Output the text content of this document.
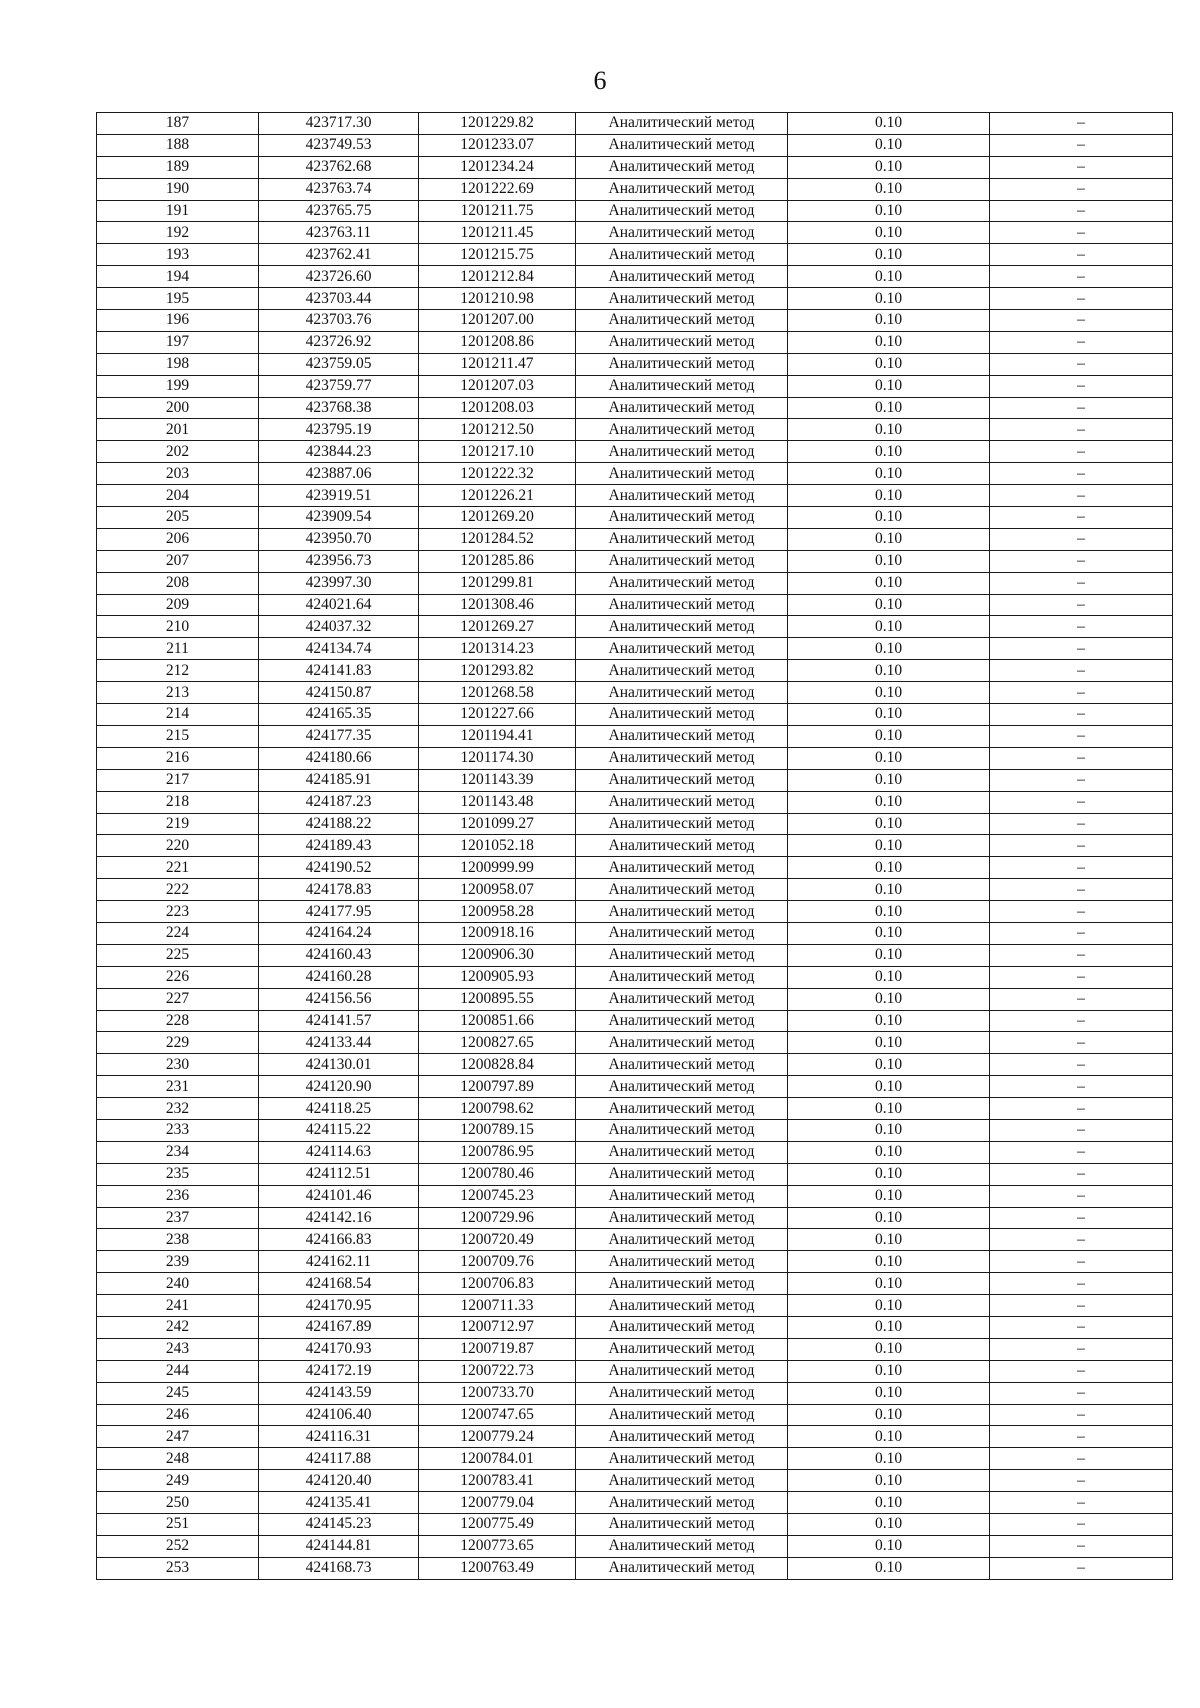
6
187	423717.30	1201229.82	Аналитический метод	0.10	–
188	423749.53	1201233.07	Аналитический метод	0.10	–
189	423762.68	1201234.24	Аналитический метод	0.10	–
190	423763.74	1201222.69	Аналитический метод	0.10	–
191	423765.75	1201211.75	Аналитический метод	0.10	–
192	423763.11	1201211.45	Аналитический метод	0.10	–
193	423762.41	1201215.75	Аналитический метод	0.10	–
194	423726.60	1201212.84	Аналитический метод	0.10	–
195	423703.44	1201210.98	Аналитический метод	0.10	–
196	423703.76	1201207.00	Аналитический метод	0.10	–
197	423726.92	1201208.86	Аналитический метод	0.10	–
198	423759.05	1201211.47	Аналитический метод	0.10	–
199	423759.77	1201207.03	Аналитический метод	0.10	–
200	423768.38	1201208.03	Аналитический метод	0.10	–
201	423795.19	1201212.50	Аналитический метод	0.10	–
202	423844.23	1201217.10	Аналитический метод	0.10	–
203	423887.06	1201222.32	Аналитический метод	0.10	–
204	423919.51	1201226.21	Аналитический метод	0.10	–
205	423909.54	1201269.20	Аналитический метод	0.10	–
206	423950.70	1201284.52	Аналитический метод	0.10	–
207	423956.73	1201285.86	Аналитический метод	0.10	–
208	423997.30	1201299.81	Аналитический метод	0.10	–
209	424021.64	1201308.46	Аналитический метод	0.10	–
210	424037.32	1201269.27	Аналитический метод	0.10	–
211	424134.74	1201314.23	Аналитический метод	0.10	–
212	424141.83	1201293.82	Аналитический метод	0.10	–
213	424150.87	1201268.58	Аналитический метод	0.10	–
214	424165.35	1201227.66	Аналитический метод	0.10	–
215	424177.35	1201194.41	Аналитический метод	0.10	–
216	424180.66	1201174.30	Аналитический метод	0.10	–
217	424185.91	1201143.39	Аналитический метод	0.10	–
218	424187.23	1201143.48	Аналитический метод	0.10	–
219	424188.22	1201099.27	Аналитический метод	0.10	–
220	424189.43	1201052.18	Аналитический метод	0.10	–
221	424190.52	1200999.99	Аналитический метод	0.10	–
222	424178.83	1200958.07	Аналитический метод	0.10	–
223	424177.95	1200958.28	Аналитический метод	0.10	–
224	424164.24	1200918.16	Аналитический метод	0.10	–
225	424160.43	1200906.30	Аналитический метод	0.10	–
226	424160.28	1200905.93	Аналитический метод	0.10	–
227	424156.56	1200895.55	Аналитический метод	0.10	–
228	424141.57	1200851.66	Аналитический метод	0.10	–
229	424133.44	1200827.65	Аналитический метод	0.10	–
230	424130.01	1200828.84	Аналитический метод	0.10	–
231	424120.90	1200797.89	Аналитический метод	0.10	–
232	424118.25	1200798.62	Аналитический метод	0.10	–
233	424115.22	1200789.15	Аналитический метод	0.10	–
234	424114.63	1200786.95	Аналитический метод	0.10	–
235	424112.51	1200780.46	Аналитический метод	0.10	–
236	424101.46	1200745.23	Аналитический метод	0.10	–
237	424142.16	1200729.96	Аналитический метод	0.10	–
238	424166.83	1200720.49	Аналитический метод	0.10	–
239	424162.11	1200709.76	Аналитический метод	0.10	–
240	424168.54	1200706.83	Аналитический метод	0.10	–
241	424170.95	1200711.33	Аналитический метод	0.10	–
242	424167.89	1200712.97	Аналитический метод	0.10	–
243	424170.93	1200719.87	Аналитический метод	0.10	–
244	424172.19	1200722.73	Аналитический метод	0.10	–
245	424143.59	1200733.70	Аналитический метод	0.10	–
246	424106.40	1200747.65	Аналитический метод	0.10	–
247	424116.31	1200779.24	Аналитический метод	0.10	–
248	424117.88	1200784.01	Аналитический метод	0.10	–
249	424120.40	1200783.41	Аналитический метод	0.10	–
250	424135.41	1200779.04	Аналитический метод	0.10	–
251	424145.23	1200775.49	Аналитический метод	0.10	–
252	424144.81	1200773.65	Аналитический метод	0.10	–
253	424168.73	1200763.49	Аналитический метод	0.10	–
